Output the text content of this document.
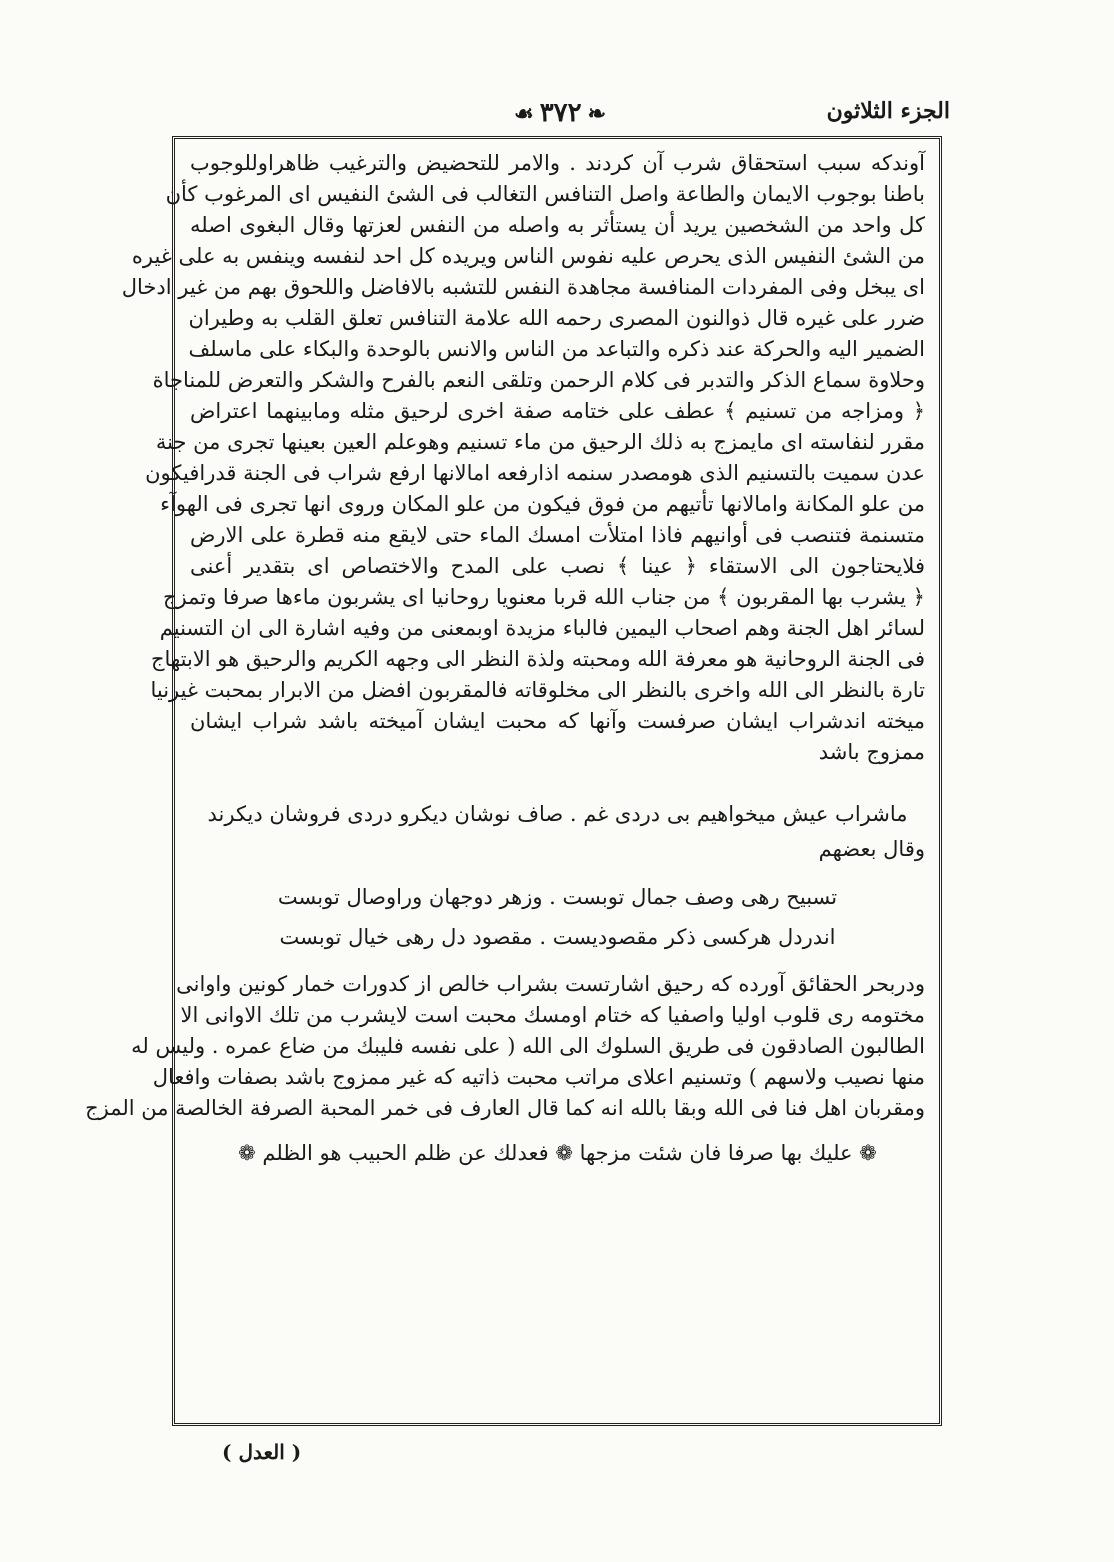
الجزء الثلاثون
❧٣٧٢☙
آوندكه سبب استحقاق شرب آن كردند . والامر للتحضيض والترغيب ظاهراوللوجوب
باطنا بوجوب الايمان والطاعة واصل التنافس التغالب فى الشئ النفيس اى المرغوب كأن
كل واحد من الشخصين يريد أن يستأثر به واصله من النفس لعزتها وقال البغوى اصله
من الشئ النفيس الذى يحرص عليه نفوس الناس ويريده كل احد لنفسه وينفس به على غيره
اى يبخل وفى المفردات المنافسة مجاهدة النفس للتشبه بالافاضل واللحوق بهم من غير ادخال
ضرر على غيره قال ذوالنون المصرى رحمه الله علامة التنافس تعلق القلب به وطيران
الضمير اليه والحركة عند ذكره والتباعد من الناس والانس بالوحدة والبكاء على ماسلف
وحلاوة سماع الذكر والتدبر فى كلام الرحمن وتلقى النعم بالفرح والشكر والتعرض للمناجاة
﴿ ومزاجه من تسنيم ﴾ عطف على ختامه صفة اخرى لرحيق مثله ومابينهما اعتراض
مقرر لنفاسته اى مايمزج به ذلك الرحيق من ماء تسنيم وهوعلم العين بعينها تجرى من جنة
عدن سميت بالتسنيم الذى هومصدر سنمه اذارفعه امالانها ارفع شراب فى الجنة قدرافيكون
من علو المكانة وامالانها تأتيهم من فوق فيكون من علو المكان وروى انها تجرى فى الهوآء
متسنمة فتنصب فى أوانيهم فاذا امتلأت امسك الماء حتى لايقع منه قطرة على الارض
فلايحتاجون الى الاستقاء ﴿ عينا ﴾ نصب على المدح والاختصاص اى بتقدير أعنى
﴿ يشرب بها المقربون ﴾ من جناب الله قربا معنويا روحانيا اى يشربون ماءها صرفا وتمزج
لسائر اهل الجنة وهم اصحاب اليمين فالباء مزيدة اوبمعنى من وفيه اشارة الى ان التسنيم
فى الجنة الروحانية هو معرفة الله ومحبته ولذة النظر الى وجهه الكريم والرحيق هو الابتهاج
تارة بالنظر الى الله واخرى بالنظر الى مخلوقاته فالمقربون افضل من الابرار بمحبت غيرنيا
ميخته اندشراب ايشان صرفست وآنها كه محبت ايشان آميخته باشد شراب ايشان
ممزوج باشد
ماشراب عيش ميخواهيم بى دردى غم . صاف نوشان ديكرو دردى فروشان ديكرند
وقال بعضهم
تسبيح رهى وصف جمال توبست . وزهر دوجهان وراوصال توبست
اندردل هركسى ذكر مقصوديست . مقصود دل رهى خيال توبست
ودربحر الحقائق آورده كه رحيق اشارتست بشراب خالص از كدورات خمار كونين واوانى
مختومه رى قلوب اوليا واصفيا كه ختام اومسك محبت است لايشرب من تلك الاوانى الا
الطالبون الصادقون فى طريق السلوك الى الله ( على نفسه فليبك من ضاع عمره . وليس له
منها نصيب ولاسهم ) وتسنيم اعلاى مراتب محبت ذاتيه كه غير ممزوج باشد بصفات وافعال
ومقربان اهل فنا فى الله وبقا بالله انه كما قال العارف فى خمر المحبة الصرفة الخالصة من المزج
❁ عليك بها صرفا فان شئت مزجها ❁ فعدلك عن ظلم الحبيب هو الظلم ❁
( العدل )
